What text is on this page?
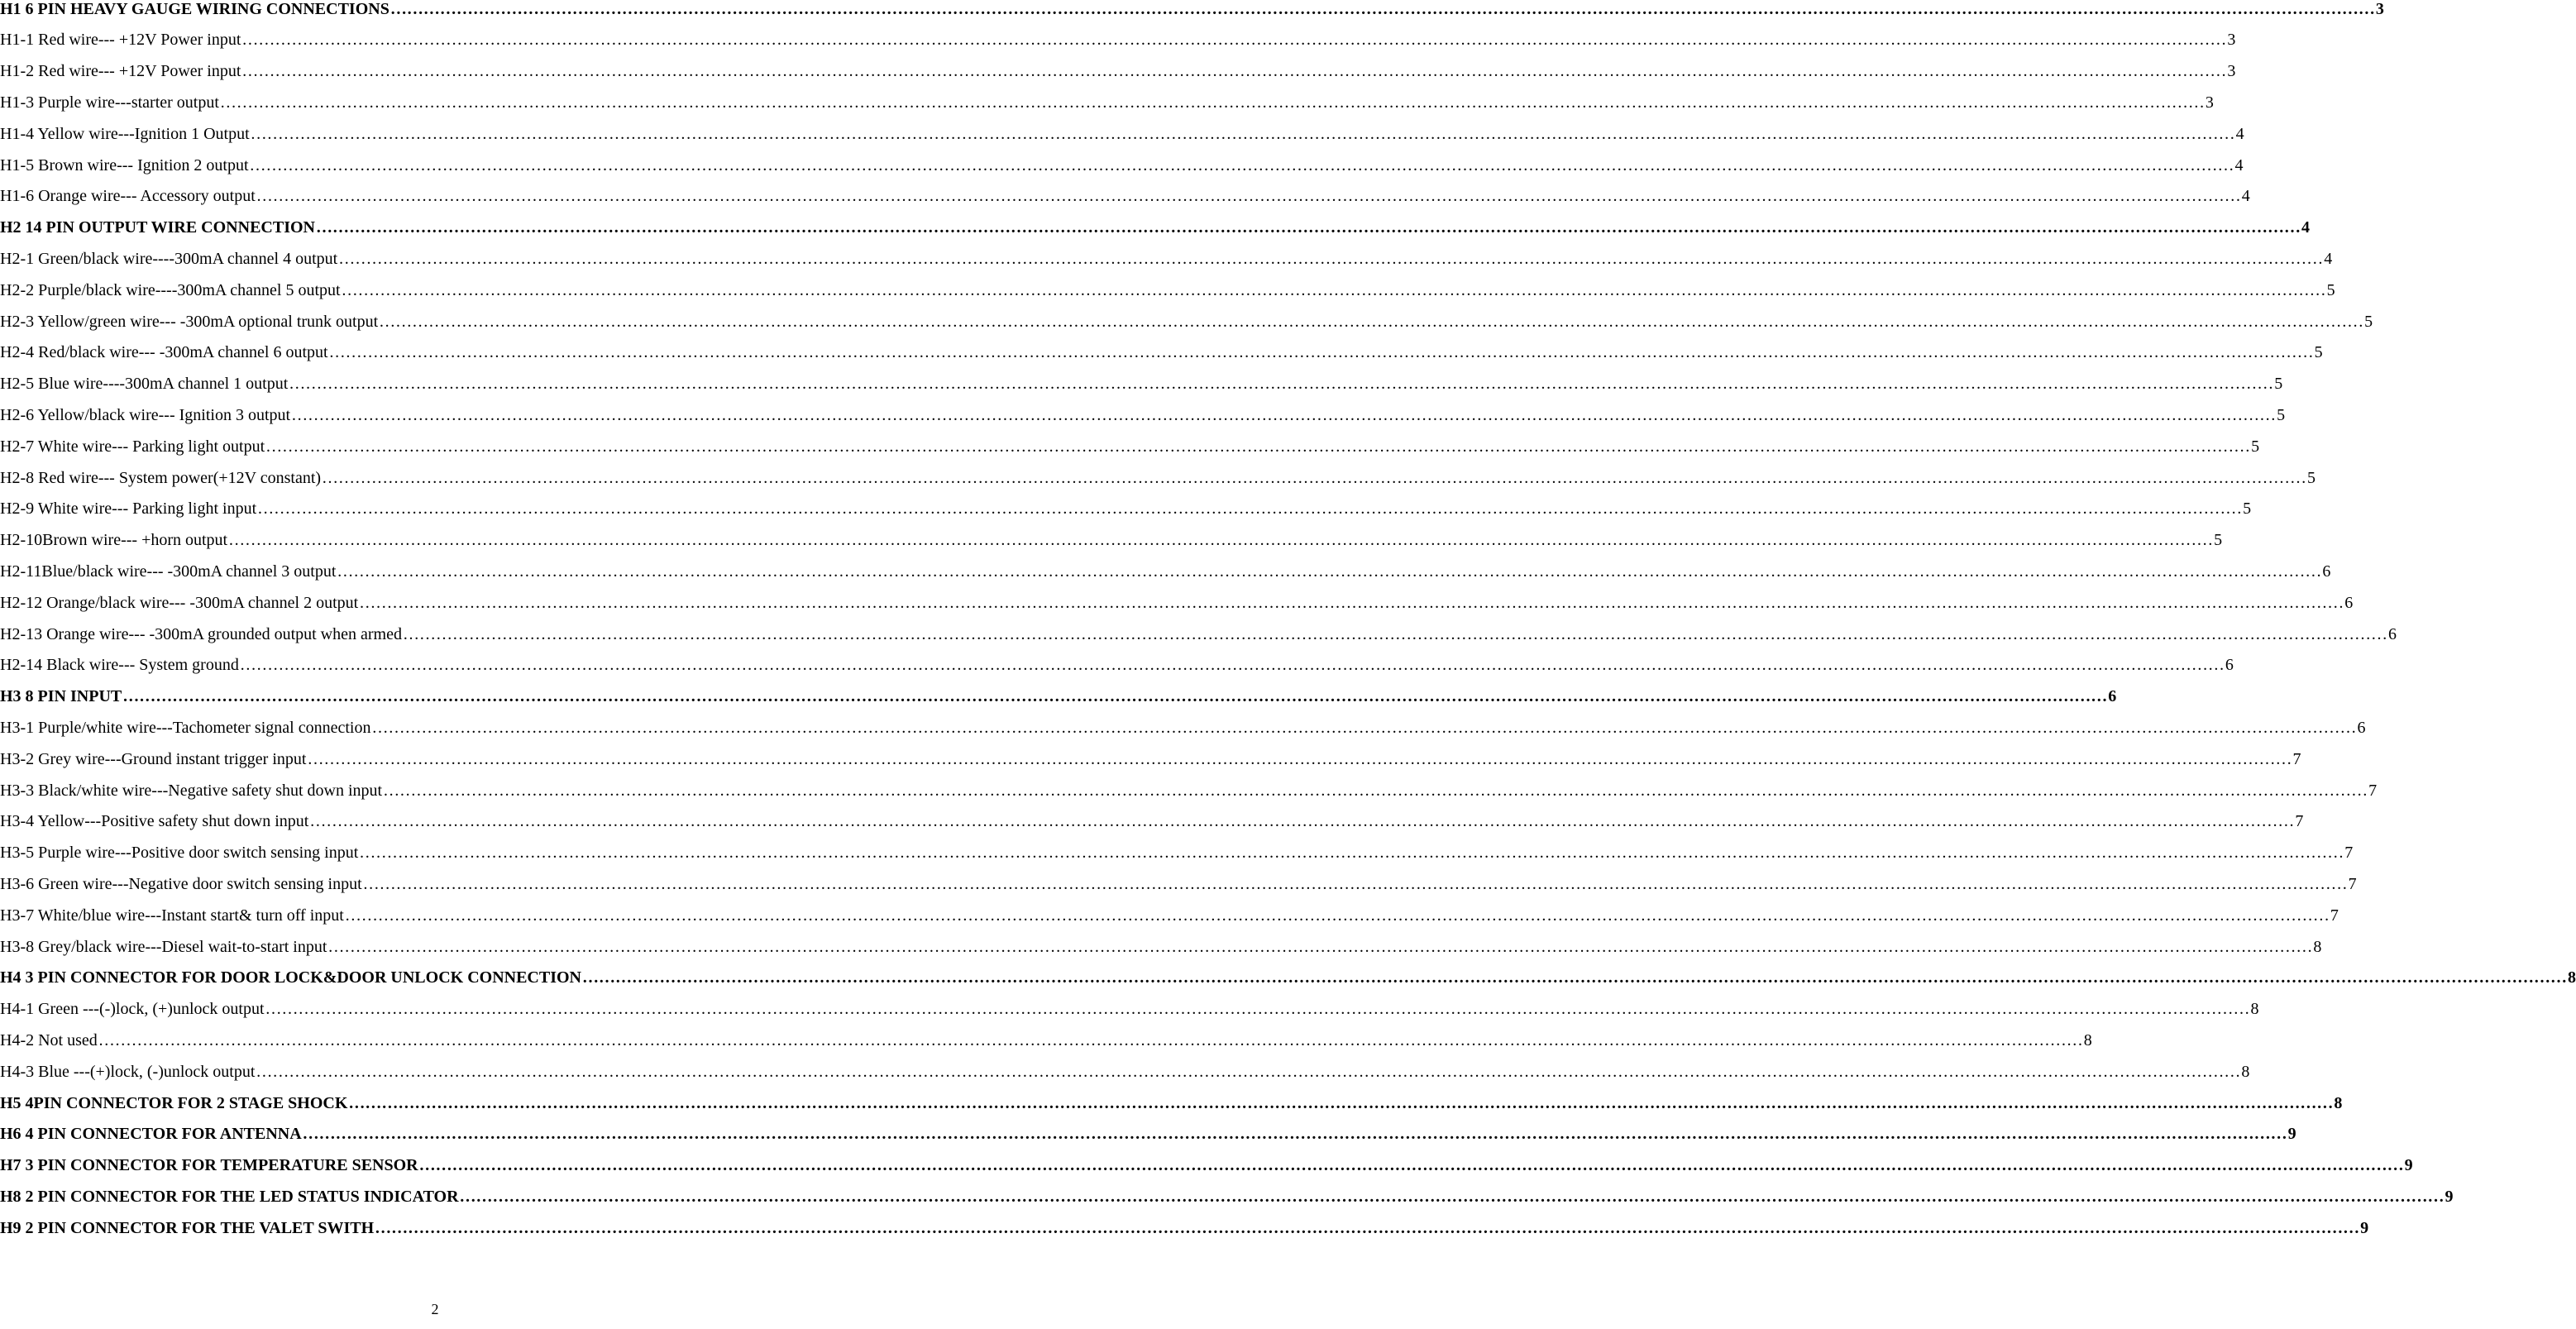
H1 6 PIN HEAVY GAUGE WIRING CONNECTIONS ……………………………………………………………………………………………………………………………………………………………………………………………………………………………………………………………………………………………………………………………… 3
H1-1 Red wire--- +12V Power input ……………………………………………………………………………………………………………………………………………………………………………………………………………………………………………………………………………………………………………………………… 3
H1-2 Red wire--- +12V Power input ……………………………………………………………………………………………………………………………………………………………………………………………………………………………………………………………………………………………………………………………… 3
H1-3 Purple wire---starter output ……………………………………………………………………………………………………………………………………………………………………………………………………………………………………………………………………………………………………………………………… 3
H1-4 Yellow wire---Ignition 1 Output ……………………………………………………………………………………………………………………………………………………………………………………………………………………………………………………………………………………………………………………………… 4
H1-5 Brown wire--- Ignition 2 output ……………………………………………………………………………………………………………………………………………………………………………………………………………………………………………………………………………………………………………………………… 4
H1-6 Orange wire--- Accessory output ……………………………………………………………………………………………………………………………………………………………………………………………………………………………………………………………………………………………………………………………… 4
H2 14 PIN OUTPUT WIRE CONNECTION ……………………………………………………………………………………………………………………………………………………………………………………………………………………………………………………………………………………………………………………………… 4
H2-1 Green/black wire----300mA channel 4 output ……………………………………………………………………………………………………………………………………………………………………………………………………………………………………………………………………………………………………………………………… 4
H2-2 Purple/black wire----300mA channel 5 output ……………………………………………………………………………………………………………………………………………………………………………………………………………………………………………………………………………………………………………………………… 5
H2-3 Yellow/green wire--- -300mA optional trunk output ……………………………………………………………………………………………………………………………………………………………………………………………………………………………………………………………………………………………………………………………… 5
H2-4 Red/black wire--- -300mA channel 6 output ……………………………………………………………………………………………………………………………………………………………………………………………………………………………………………………………………………………………………………………………… 5
H2-5 Blue wire----300mA channel 1 output ……………………………………………………………………………………………………………………………………………………………………………………………………………………………………………………………………………………………………………………………… 5
H2-6 Yellow/black wire--- Ignition 3 output ……………………………………………………………………………………………………………………………………………………………………………………………………………………………………………………………………………………………………………………………… 5
H2-7 White wire--- Parking light output ……………………………………………………………………………………………………………………………………………………………………………………………………………………………………………………………………………………………………………………………… 5
H2-8 Red wire--- System power(+12V constant) ……………………………………………………………………………………………………………………………………………………………………………………………………………………………………………………………………………………………………………………………… 5
H2-9 White wire--- Parking light input ……………………………………………………………………………………………………………………………………………………………………………………………………………………………………………………………………………………………………………………………… 5
H2-10Brown wire--- +horn output ……………………………………………………………………………………………………………………………………………………………………………………………………………………………………………………………………………………………………………………………… 5
H2-11Blue/black wire--- -300mA channel 3 output ……………………………………………………………………………………………………………………………………………………………………………………………………………………………………………………………………………………………………………………………… 6
H2-12 Orange/black wire--- -300mA channel 2 output ……………………………………………………………………………………………………………………………………………………………………………………………………………………………………………………………………………………………………………………………… 6
H2-13 Orange wire--- -300mA grounded output when armed ……………………………………………………………………………………………………………………………………………………………………………………………………………………………………………………………………………………………………………………………… 6
H2-14 Black wire--- System ground ……………………………………………………………………………………………………………………………………………………………………………………………………………………………………………………………………………………………………………………………… 6
H3 8 PIN INPUT ……………………………………………………………………………………………………………………………………………………………………………………………………………………………………………………………………………………………………………………………… 6
H3-1 Purple/white wire---Tachometer signal connection ……………………………………………………………………………………………………………………………………………………………………………………………………………………………………………………………………………………………………………………………… 6
H3-2 Grey wire---Ground instant trigger input ……………………………………………………………………………………………………………………………………………………………………………………………………………………………………………………………………………………………………………………………… 7
H3-3 Black/white wire---Negative safety shut down input ……………………………………………………………………………………………………………………………………………………………………………………………………………………………………………………………………………………………………………………………… 7
H3-4 Yellow---Positive safety shut down input ……………………………………………………………………………………………………………………………………………………………………………………………………………………………………………………………………………………………………………………………… 7
H3-5 Purple wire---Positive door switch sensing input ……………………………………………………………………………………………………………………………………………………………………………………………………………………………………………………………………………………………………………………………… 7
H3-6 Green wire---Negative door switch sensing input ……………………………………………………………………………………………………………………………………………………………………………………………………………………………………………………………………………………………………………………………… 7
H3-7 White/blue wire---Instant start& turn off input ……………………………………………………………………………………………………………………………………………………………………………………………………………………………………………………………………………………………………………………………… 7
H3-8 Grey/black wire---Diesel wait-to-start input ……………………………………………………………………………………………………………………………………………………………………………………………………………………………………………………………………………………………………………………………… 8
H4 3 PIN CONNECTOR FOR DOOR LOCK&DOOR UNLOCK CONNECTION ……………………………………………………………………………………………………………………………………………………………………………………………………………………………………………………………………………………………………………………………… 8
H4-1 Green ---(-)lock, (+)unlock output ……………………………………………………………………………………………………………………………………………………………………………………………………………………………………………………………………………………………………………………………… 8
H4-2 Not used ……………………………………………………………………………………………………………………………………………………………………………………………………………………………………………………………………………………………………………………………… 8
H4-3 Blue ---(+)lock, (-)unlock output ……………………………………………………………………………………………………………………………………………………………………………………………………………………………………………………………………………………………………………………………… 8
H5 4PIN CONNECTOR FOR 2 STAGE SHOCK ……………………………………………………………………………………………………………………………………………………………………………………………………………………………………………………………………………………………………………………………… 8
H6 4 PIN CONNECTOR FOR ANTENNA ……………………………………………………………………………………………………………………………………………………………………………………………………………………………………………………………………………………………………………………………… 9
H7 3 PIN CONNECTOR FOR TEMPERATURE SENSOR ……………………………………………………………………………………………………………………………………………………………………………………………………………………………………………………………………………………………………………………………… 9
H8 2 PIN CONNECTOR FOR THE LED STATUS INDICATOR ……………………………………………………………………………………………………………………………………………………………………………………………………………………………………………………………………………………………………………………………… 9
H9 2 PIN CONNECTOR FOR THE VALET SWITH ……………………………………………………………………………………………………………………………………………………………………………………………………………………………………………………………………………………………………………………………… 9
2
